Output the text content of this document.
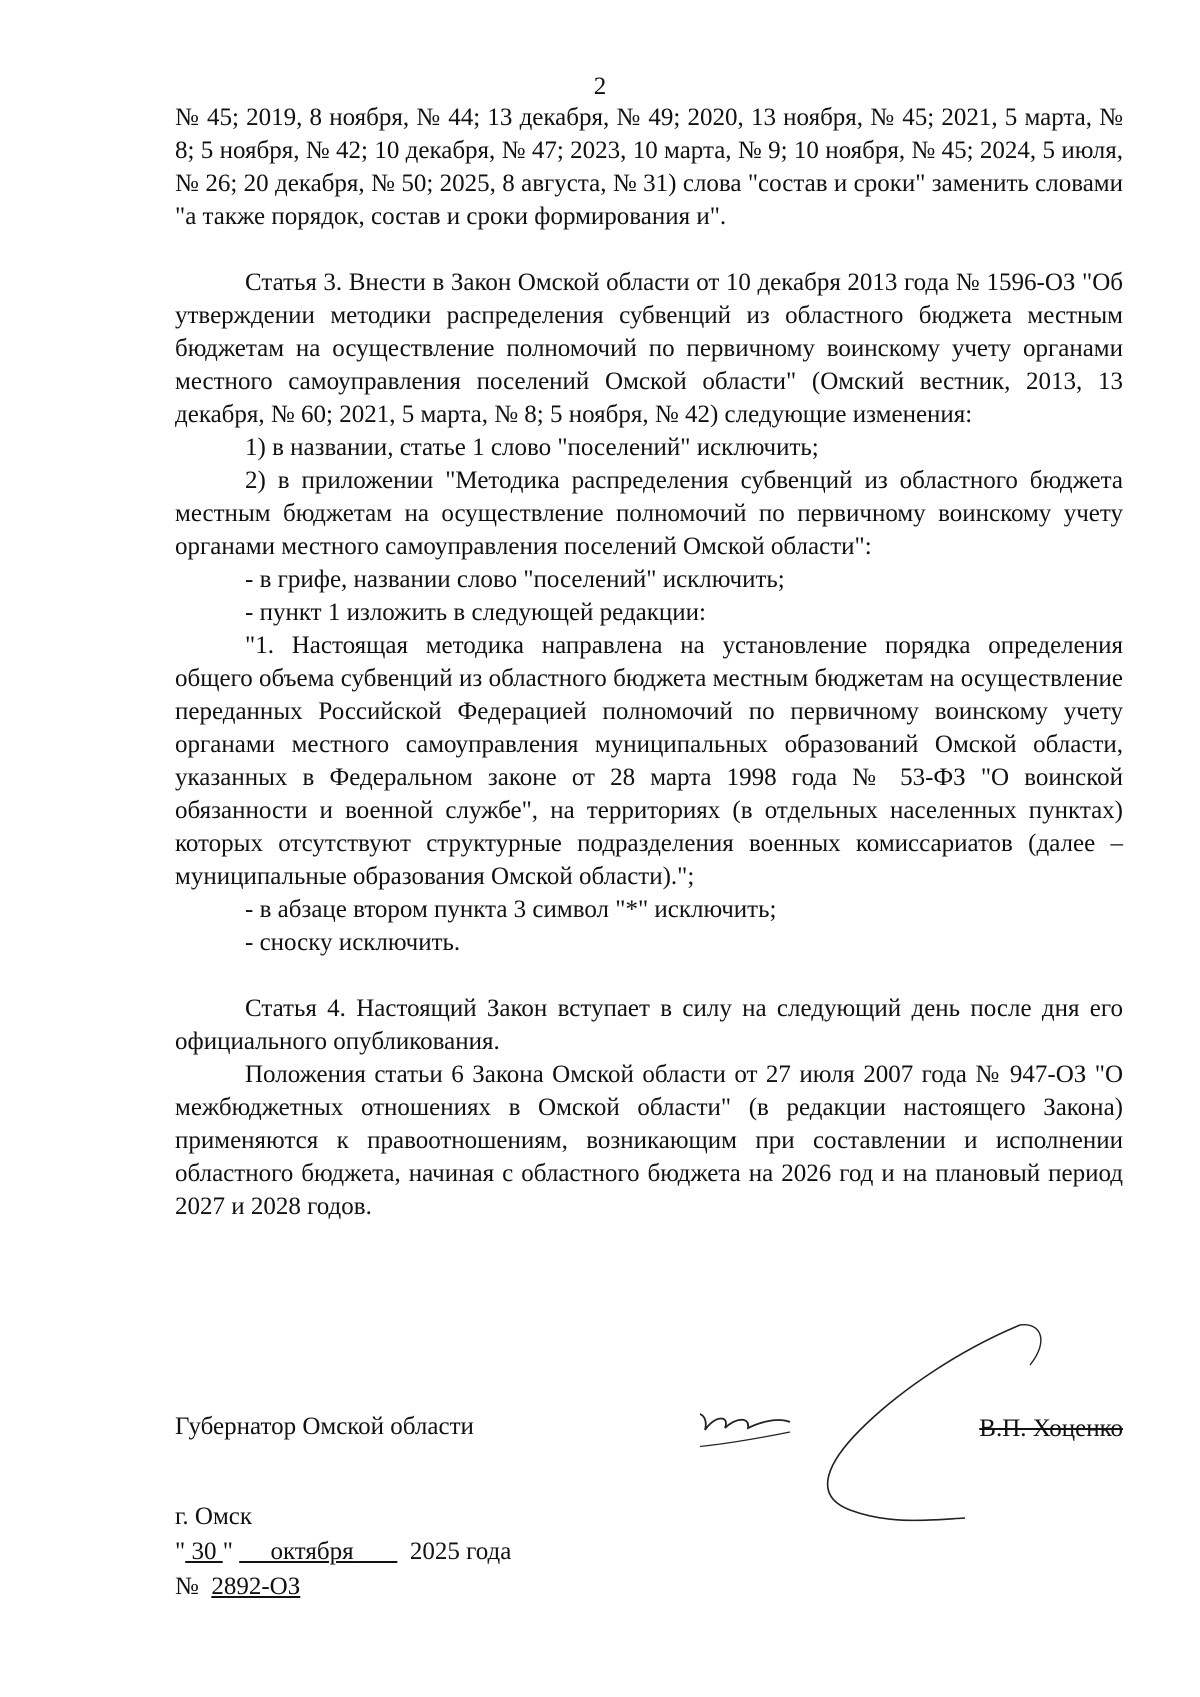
2

№ 45; 2019, 8 ноября, № 44; 13 декабря, № 49; 2020, 13 ноября, № 45; 2021, 5 марта, № 8; 5 ноября, № 42; 10 декабря, № 47; 2023, 10 марта, № 9; 10 ноября, № 45; 2024, 5 июля, № 26; 20 декабря, № 50; 2025, 8 августа, № 31) слова "состав и сроки" заменить словами "а также порядок, состав и сроки формирования и".

Статья 3. Внести в Закон Омской области от 10 декабря 2013 года № 1596-ОЗ "Об утверждении методики распределения субвенций из областного бюджета местным бюджетам на осуществление полномочий по первичному воинскому учету органами местного самоуправления поселений Омской области" (Омский вестник, 2013, 13 декабря, № 60; 2021, 5 марта, № 8; 5 ноября, № 42) следующие изменения:

1) в названии, статье 1 слово "поселений" исключить;

2) в приложении "Методика распределения субвенций из областного бюджета местным бюджетам на осуществление полномочий по первичному воинскому учету органами местного самоуправления поселений Омской области":

- в грифе, названии слово "поселений" исключить;

- пункт 1 изложить в следующей редакции:

"1. Настоящая методика направлена на установление порядка определения общего объема субвенций из областного бюджета местным бюджетам на осуществление переданных Российской Федерацией полномочий по первичному воинскому учету органами местного самоуправления муниципальных образований Омской области, указанных в Федеральном законе от 28 марта 1998 года № 53-ФЗ "О воинской обязанности и военной службе", на территориях (в отдельных населенных пунктах) которых отсутствуют структурные подразделения военных комиссариатов (далее – муниципальные образования Омской области).";

- в абзаце втором пункта 3 символ "*" исключить;

- сноску исключить.

Статья 4. Настоящий Закон вступает в силу на следующий день после дня его официального опубликования.

Положения статьи 6 Закона Омской области от 27 июля 2007 года № 947-ОЗ "О межбюджетных отношениях в Омской области" (в редакции настоящего Закона) применяются к правоотношениям, возникающим при составлении и исполнении областного бюджета, начиная с областного бюджета на 2026 год и на плановый период 2027 и 2028 годов.

Губернатор Омской области	В.П. Хоценко
г. Омск
" 30 " октября 2025 года
№ 2892-ОЗ
